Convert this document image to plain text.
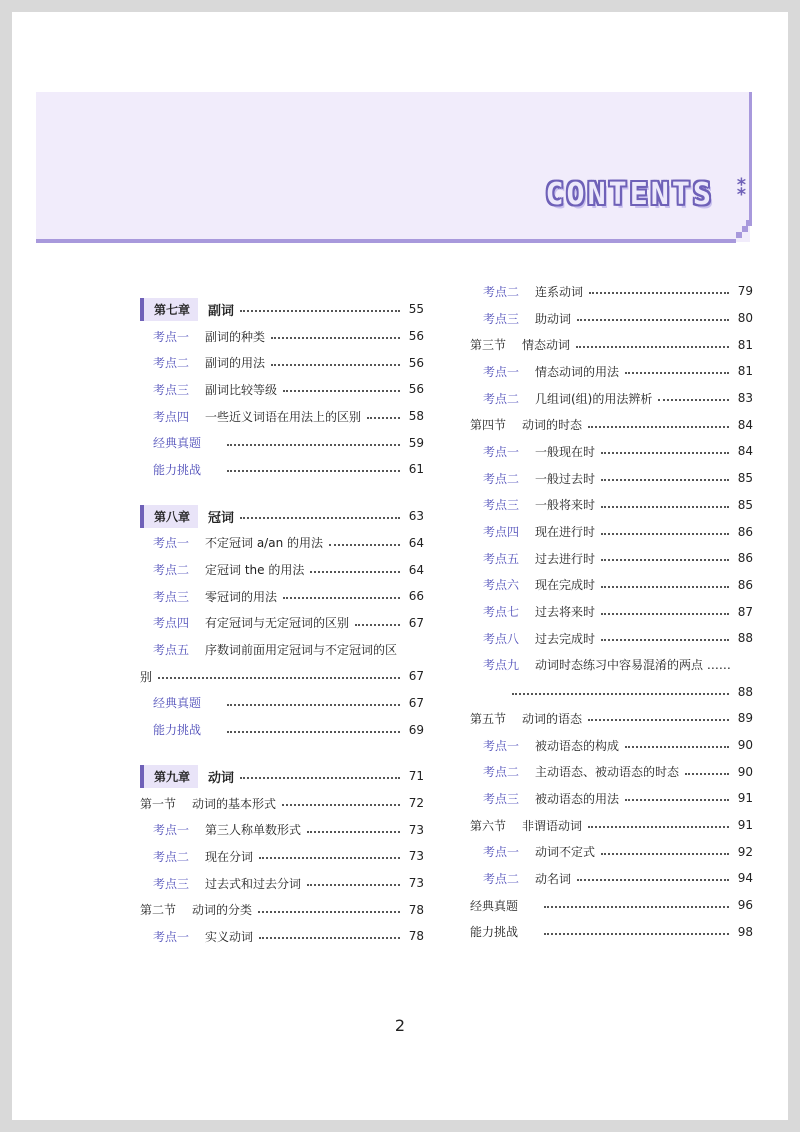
CONTENTS ⁑
第七章	副词	55
考点一	副词的种类	56
考点二	副词的用法	56
考点三	副词比较等级	56
考点四	一些近义词语在用法上的区别	58
经典真题	59
能力挑战	61
第八章	冠词	63
考点一	不定冠词 a/an 的用法	64
考点二	定冠词 the 的用法	64
考点三	零冠词的用法	66
考点四	有定冠词与无定冠词的区别	67
考点五	序数词前面用定冠词与不定冠词的区
别	67
经典真题	67
能力挑战	69
第九章	动词	71
第一节	动词的基本形式	72
考点一	第三人称单数形式	73
考点二	现在分词	73
考点三	过去式和过去分词	73
第二节	动词的分类	78
考点一	实义动词	78
考点二	连系动词	79
考点三	助动词	80
第三节	情态动词	81
考点一	情态动词的用法	81
考点二	几组词(组)的用法辨析	83
第四节	动词的时态	84
考点一	一般现在时	84
考点二	一般过去时	85
考点三	一般将来时	85
考点四	现在进行时	86
考点五	过去进行时	86
考点六	现在完成时	86
考点七	过去将来时	87
考点八	过去完成时	88
考点九	动词时态练习中容易混淆的两点 ……
88
第五节	动词的语态	89
考点一	被动语态的构成	90
考点二	主动语态、被动语态的时态	90
考点三	被动语态的用法	91
第六节	非谓语动词	91
考点一	动词不定式	92
考点二	动名词	94
经典真题	96
能力挑战	98
2
